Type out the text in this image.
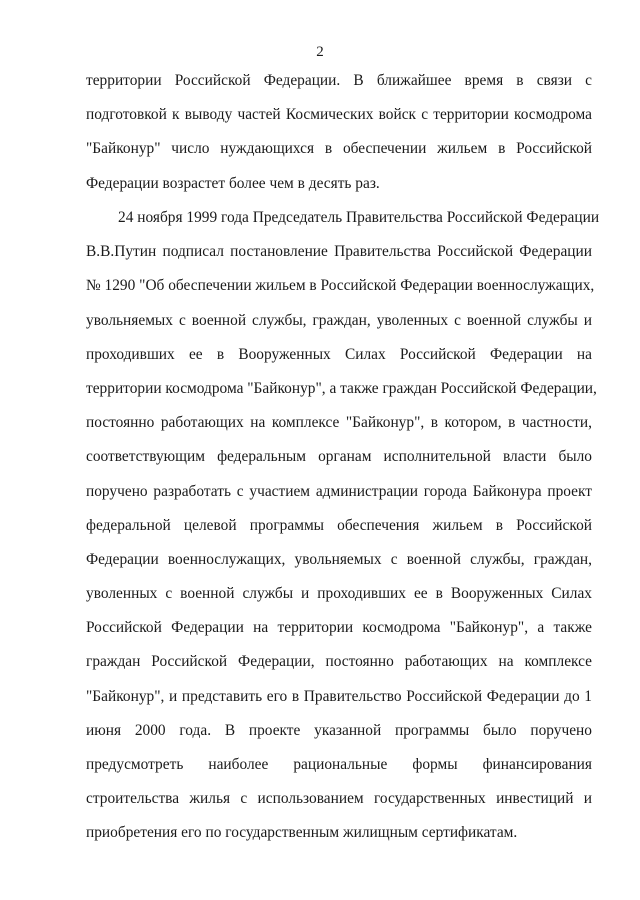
2
территории Российской Федерации. В ближайшее время в связи с
подготовкой к выводу частей Космических войск с территории космодрома
"Байконур" число нуждающихся в обеспечении жильем в Российской
Федерации возрастет более чем в десять раз.
24 ноября 1999 года Председатель Правительства Российской Федерации
В.В.Путин подписал постановление Правительства Российской Федерации
№ 1290 "Об обеспечении жильем в Российской Федерации военнослужащих,
увольняемых с военной службы, граждан, уволенных с военной службы и
проходивших ее в Вооруженных Силах Российской Федерации на
территории космодрома "Байконур", а также граждан Российской Федерации,
постоянно работающих на комплексе "Байконур", в котором, в частности,
соответствующим федеральным органам исполнительной власти было
поручено разработать с участием администрации города Байконура проект
федеральной целевой программы обеспечения жильем в Российской
Федерации военнослужащих, увольняемых с военной службы, граждан,
уволенных с военной службы и проходивших ее в Вооруженных Силах
Российской Федерации на территории космодрома "Байконур", а также
граждан Российской Федерации, постоянно работающих на комплексе
"Байконур", и представить его в Правительство Российской Федерации до 1
июня 2000 года. В проекте указанной программы было поручено
предусмотреть наиболее рациональные формы финансирования
строительства жилья с использованием государственных инвестиций и
приобретения его по государственным жилищным сертификатам.
